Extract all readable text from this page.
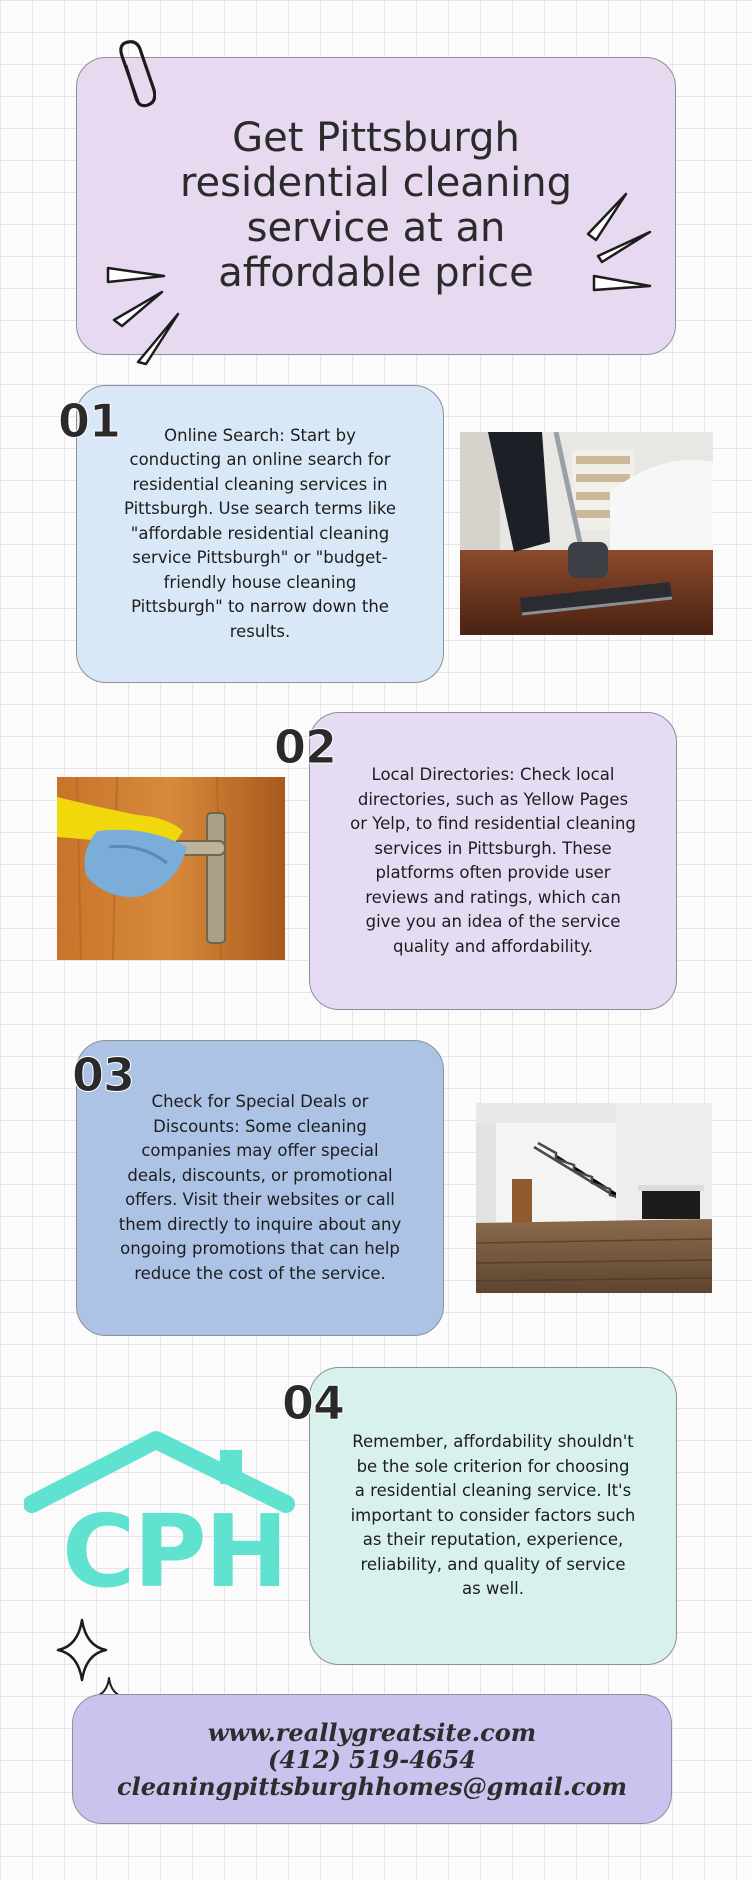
Get Pittsburgh residential cleaning service at an affordable price
Online Search: Start by conducting an online search for residential cleaning services in Pittsburgh. Use search terms like "affordable residential cleaning service Pittsburgh" or "budget-friendly house cleaning Pittsburgh" to narrow down the results.
01
Local Directories: Check local directories, such as Yellow Pages or Yelp, to find residential cleaning services in Pittsburgh. These platforms often provide user reviews and ratings, which can give you an idea of the service quality and affordability.
02
Check for Special Deals or Discounts: Some cleaning companies may offer special deals, discounts, or promotional offers. Visit their websites or call them directly to inquire about any ongoing promotions that can help reduce the cost of the service.
03
Remember, affordability shouldn't be the sole criterion for choosing a residential cleaning service. It's important to consider factors such as their reputation, experience, reliability, and quality of service as well.
04
CPH
www.reallygreatsite.com
(412) 519-4654
cleaningpittsburghhomes@gmail.com
